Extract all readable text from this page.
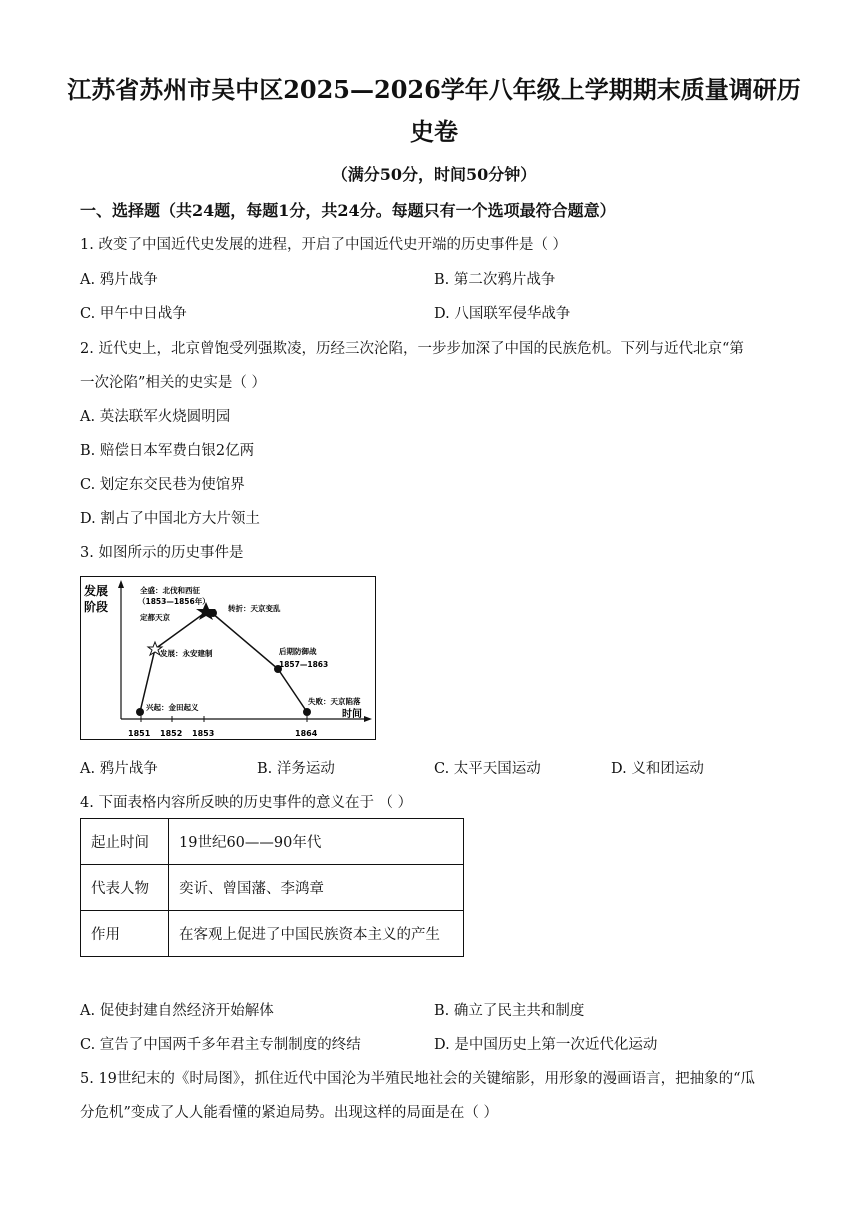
江苏省苏州市吴中区2025—2026学年八年级上学期期末质量调研历
史卷
（满分50分，时间50分钟）
一、选择题（共24题，每题1分，共24分。每题只有一个选项最符合题意）
1. 改变了中国近代史发展的进程，开启了中国近代史开端的历史事件是（ ）
A. 鸦片战争	B. 第二次鸦片战争
C. 甲午中日战争	D. 八国联军侵华战争
2. 近代史上，北京曾饱受列强欺凌，历经三次沦陷，一步步加深了中国的民族危机。下列与近代北京“第
一次沦陷”相关的史实是（ ）
A. 英法联军火烧圆明园
B. 赔偿日本军费白银2亿两
C. 划定东交民巷为使馆界
D. 割占了中国北方大片领土
3. 如图所示的历史事件是
发展
阶段
时间
1851 1852 1853	1864
全盛：北伐和西征
（1853—1856年）
定都天京
转折：天京变乱
发展：永安建制	后期防御战
1857—1863
兴起：金田起义
失败：天京陷落
A. 鸦片战争	B. 洋务运动	C. 太平天国运动	D. 义和团运动
4. 下面表格内容所反映的历史事件的意义在于 （ ）
起止时间	19世纪60——90年代
代表人物	奕䜣、曾国藩、李鸿章
作用	在客观上促进了中国民族资本主义的产生
A. 促使封建自然经济开始解体	B. 确立了民主共和制度
C. 宣告了中国两千多年君主专制制度的终结	D. 是中国历史上第一次近代化运动
5. 19世纪末的《时局图》，抓住近代中国沦为半殖民地社会的关键缩影，用形象的漫画语言，把抽象的“瓜
分危机”变成了人人能看懂的紧迫局势。出现这样的局面是在（ ）
